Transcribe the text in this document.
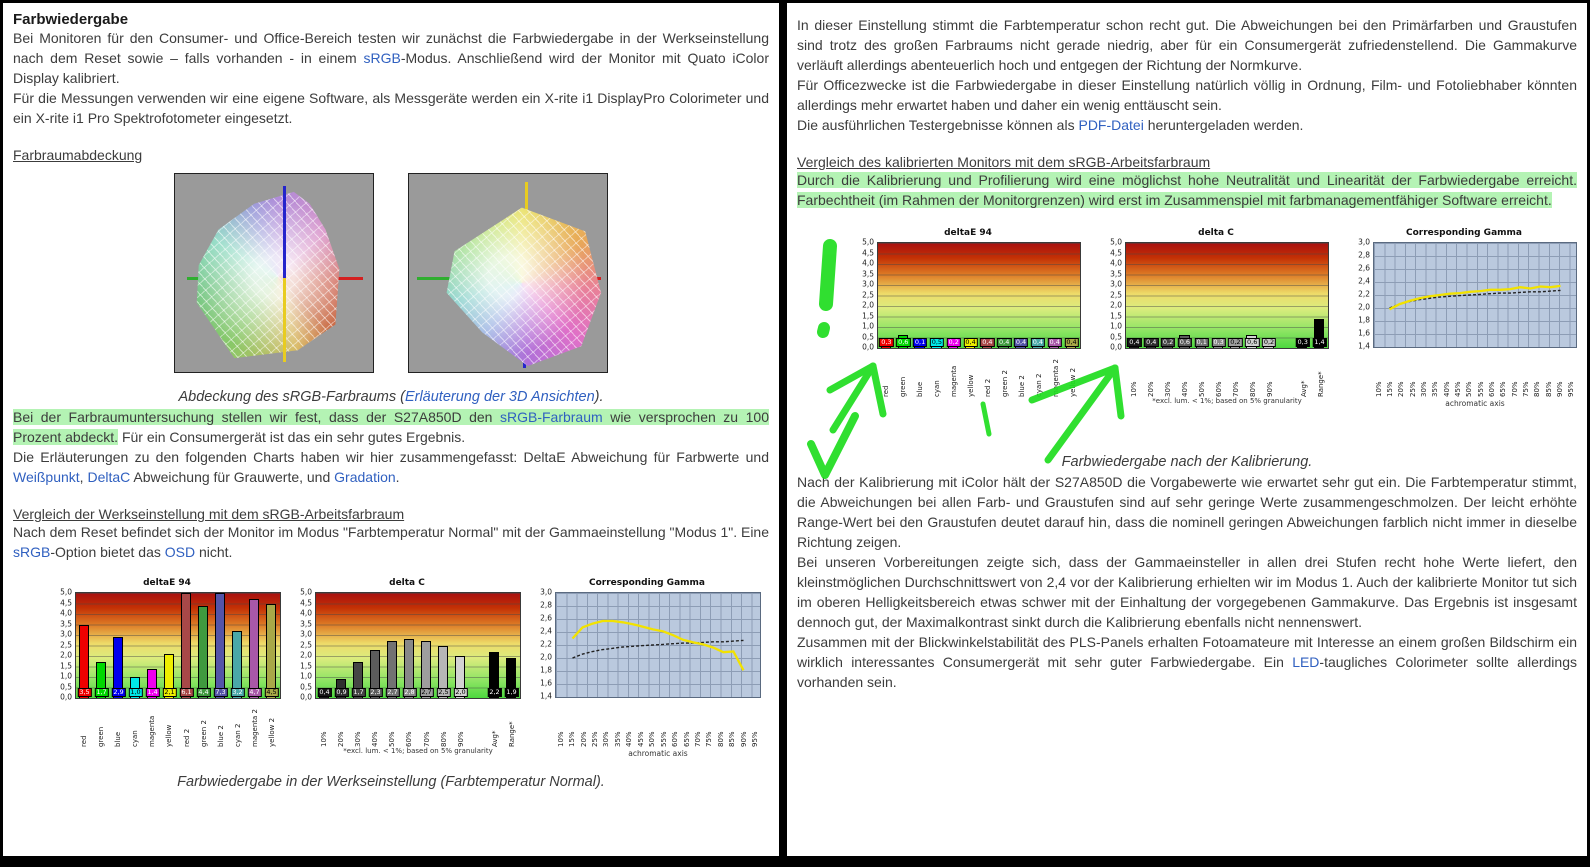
Farbwiedergabe

Bei Monitoren für den Consumer- und Office-Bereich testen wir zunächst die Farbwiedergabe in der Werkseinstellung nach dem Reset sowie – falls vorhanden - in einem sRGB-Modus. Anschließend wird der Monitor mit Quato iColor Display kalibriert.

Für die Messungen verwenden wir eine eigene Software, als Messgeräte werden ein X-rite i1 DisplayPro Colorimeter und ein X-rite i1 Pro Spektrofotometer eingesetzt.

Farbraumabdeckung
Abdeckung des sRGB-Farbraums (Erläuterung der 3D Ansichten).

Bei der Farbraumuntersuchung stellen wir fest, dass der S27A850D den sRGB-Farbraum wie versprochen zu 100 Prozent abdeckt. Für ein Consumergerät ist das ein sehr gutes Ergebnis.

Die Erläuterungen zu den folgenden Charts haben wir hier zusammengefasst: DeltaE Abweichung für Farbwerte und Weißpunkt, DeltaC Abweichung für Grauwerte, und Gradation.

Vergleich der Werkseinstellung mit dem sRGB-Arbeitsfarbraum

Nach dem Reset befindet sich der Monitor im Modus "Farbtemperatur Normal" mit der Gammaeinstellung "Modus 1". Eine sRGB-Option bietet das OSD nicht.

deltaE 94
5,0
4,5
4,0
3,5
3,0
2,5
2,0
1,5
1,0
0,5
0,0
3,5	1,7	2,9	1,0	1,4	2,1	6,1	4,4	7,3	3,2	4,7	4,5
red green blue cyan magenta yellow red 2 green 2 blue 2 cyan 2 magenta 2 yellow 2
delta C
5,0
4,5
4,0
3,5
3,0
2,5
2,0
1,5
1,0
0,5
0,0
0,4	0,9	1,7	2,3	2,7	2,8	2,7	2,5	2,0	2,2	1,9
10% 20% 30% 40% 50% 60% 70% 80% 90%	Avg* Range*
*excl. lum. < 1%; based on 5% granularity
Corresponding Gamma
3,0
2,8
2,6
2,4
2,2
2,0
1,8
1,6
1,4
10% 15% 20% 25% 30% 35% 40% 45% 50% 55% 60% 65% 70% 75% 80% 85% 90% 95%
achromatic axis
Farbwiedergabe in der Werkseinstellung (Farbtemperatur Normal).

In dieser Einstellung stimmt die Farbtemperatur schon recht gut. Die Abweichungen bei den Primärfarben und Graustufen sind trotz des großen Farbraums nicht gerade niedrig, aber für ein Consumergerät zufriedenstellend. Die Gammakurve verläuft allerdings abenteuerlich hoch und entgegen der Richtung der Normkurve.

Für Officezwecke ist die Farbwiedergabe in dieser Einstellung natürlich völlig in Ordnung, Film- und Fotoliebhaber könnten allerdings mehr erwartet haben und daher ein wenig enttäuscht sein.

Die ausführlichen Testergebnisse können als PDF-Datei heruntergeladen werden.

Vergleich des kalibrierten Monitors mit dem sRGB-Arbeitsfarbraum

Durch die Kalibrierung und Profilierung wird eine möglichst hohe Neutralität und Linearität der Farbwiedergabe erreicht. Farbechtheit (im Rahmen der Monitorgrenzen) wird erst im Zusammenspiel mit farbmanagementfähiger Software erreicht.

deltaE 94
5,0
4,5
4,0
3,5
3,0
2,5
2,0
1,5
1,0
0,5
0,0
0,3 0,6 0,1 0,5 0,2 0,4 0,4 0,4 0,4 0,4 0,4 0,4
red green blue cyan magenta yellow red 2 green 2 blue 2 cyan 2 magenta 2 yellow 2
delta C
5,0
4,5
4,0
3,5
3,0
2,5
2,0
1,5
1,0
0,5
0,0
0,4 0,4 0,2 0,6 0,1 0,3 0,2 0,6 0,2	0,3 1,4
10% 20% 30% 40% 50% 60% 70% 80% 90%	Avg* Range*
*excl. lum. < 1%; based on 5% granularity
Corresponding Gamma
3,0
2,8
2,6
2,4
2,2
2,0
1,8
1,6
1,4
10% 15% 20% 25% 30% 35% 40% 45% 50% 55% 60% 65% 70% 75% 80% 85% 90% 95%
achromatic axis
Farbwiedergabe nach der Kalibrierung.

Nach der Kalibrierung mit iColor hält der S27A850D die Vorgabewerte wie erwartet sehr gut ein. Die Farbtemperatur stimmt, die Abweichungen bei allen Farb- und Graustufen sind auf sehr geringe Werte zusammengeschmolzen. Der leicht erhöhte Range-Wert bei den Graustufen deutet darauf hin, dass die nominell geringen Abweichungen farblich nicht immer in dieselbe Richtung zeigen.

Bei unseren Vorbereitungen zeigte sich, dass der Gammaeinsteller in allen drei Stufen recht hohe Werte liefert, den kleinstmöglichen Durchschnittswert von 2,4 vor der Kalibrierung erhielten wir im Modus 1. Auch der kalibrierte Monitor tut sich im oberen Helligkeitsbereich etwas schwer mit der Einhaltung der vorgegebenen Gammakurve. Das Ergebnis ist insgesamt dennoch gut, der Maximalkontrast sinkt durch die Kalibrierung ebenfalls nicht nennenswert.

Zusammen mit der Blickwinkelstabilität des PLS-Panels erhalten Fotoamateure mit Interesse an einem großen Bildschirm ein wirklich interessantes Consumergerät mit sehr guter Farbwiedergabe. Ein LED-taugliches Colorimeter sollte allerdings vorhanden sein.
